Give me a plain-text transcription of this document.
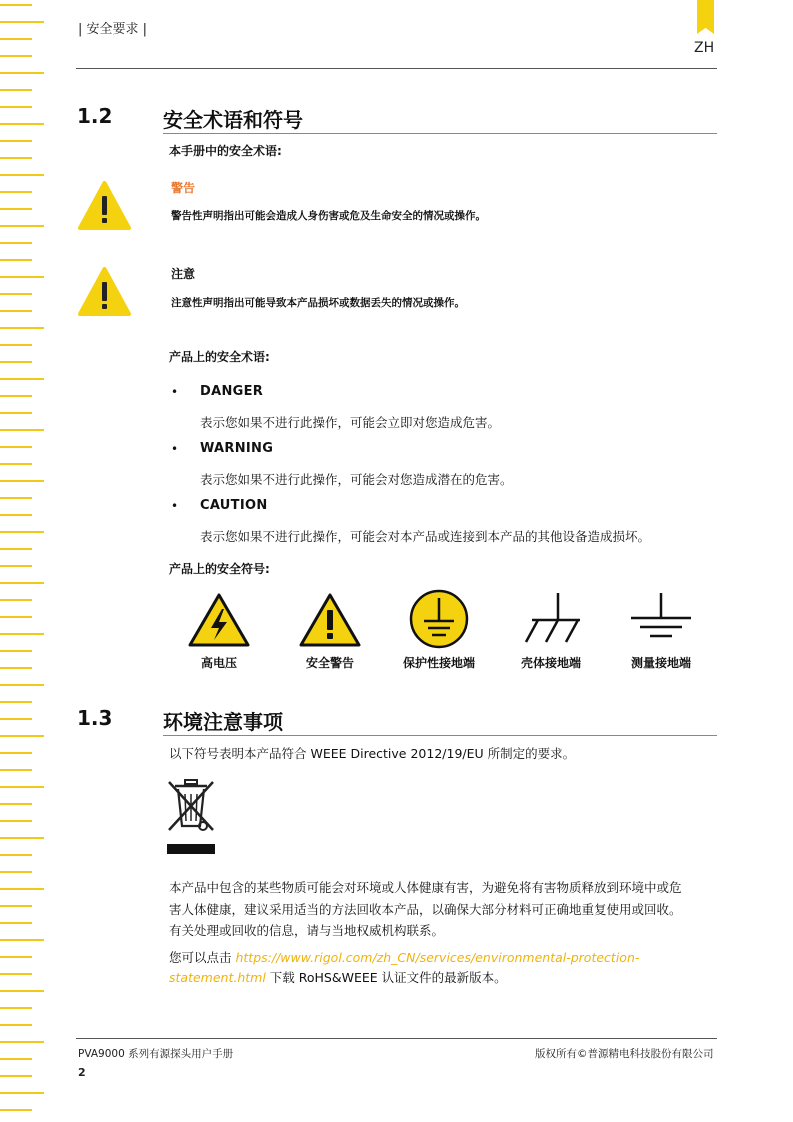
| 安全要求 |
ZH
1.2	安全术语和符号
本手册中的安全术语:
警告
警告性声明指出可能会造成人身伤害或危及生命安全的情况或操作。
注意
注意性声明指出可能导致本产品损坏或数据丢失的情况或操作。
产品上的安全术语:
• DANGER
表示您如果不进行此操作，可能会立即对您造成危害。
• WARNING
表示您如果不进行此操作，可能会对您造成潜在的危害。
• CAUTION
表示您如果不进行此操作，可能会对本产品或连接到本产品的其他设备造成损坏。
产品上的安全符号:
高电压	安全警告	保护性接地端	壳体接地端	测量接地端
1.3	环境注意事项
以下符号表明本产品符合 WEEE Directive 2012/19/EU 所制定的要求。
本产品中包含的某些物质可能会对环境或人体健康有害，为避免将有害物质释放到环境中或危
害人体健康，建议采用适当的方法回收本产品，以确保大部分材料可正确地重复使用或回收。
有关处理或回收的信息，请与当地权威机构联系。
您可以点击 https://www.rigol.com/zh_CN/services/environmental-protection-
statement.html 下载 RoHS&WEEE 认证文件的最新版本。
PVA9000 系列有源探头用户手册	版权所有©普源精电科技股份有限公司
2
